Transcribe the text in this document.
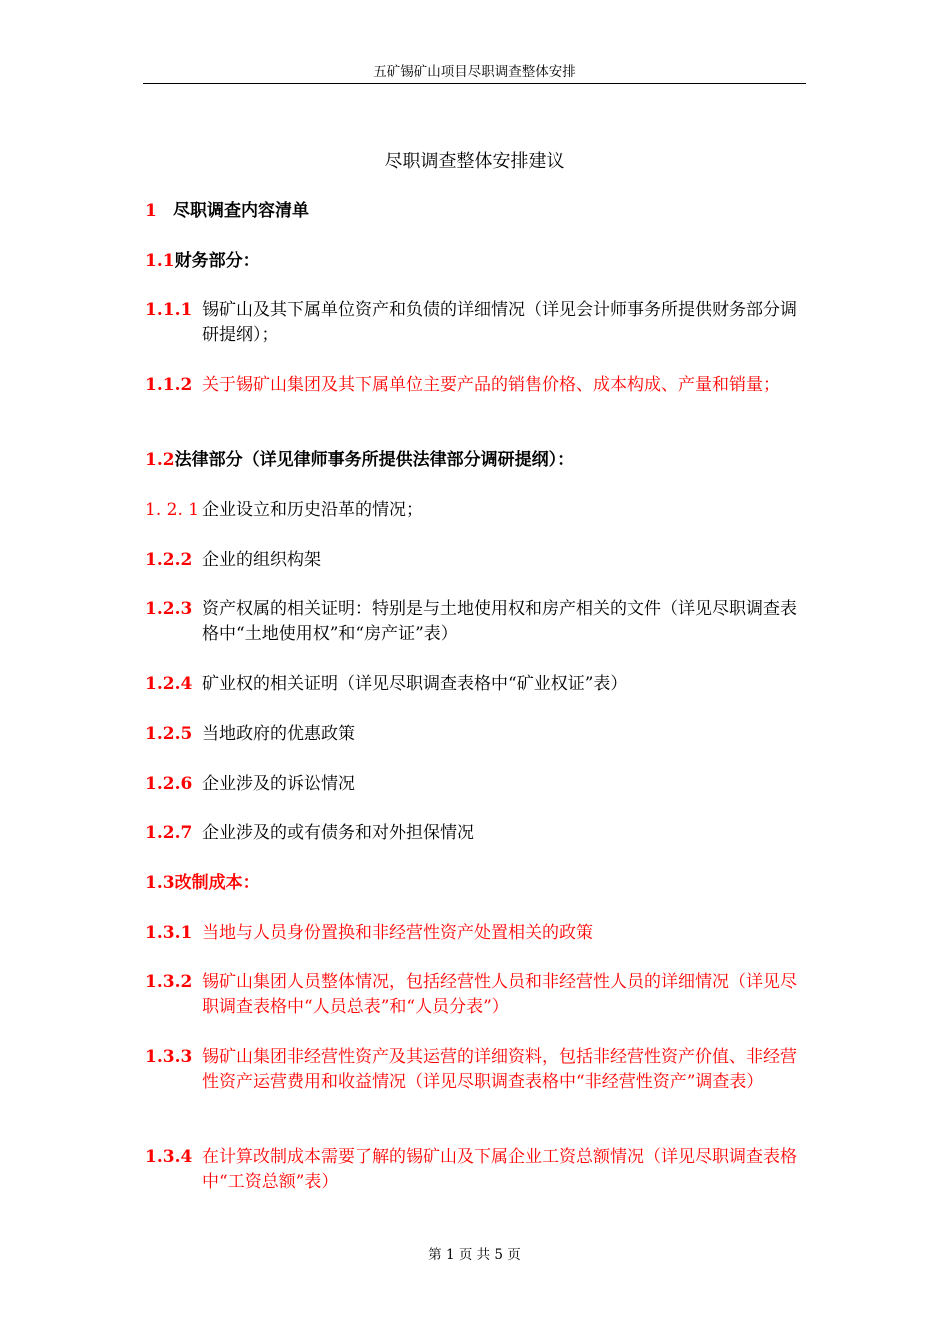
五矿锡矿山项目尽职调查整体安排
尽职调查整体安排建议
1 尽职调查内容清单
1.1财务部分：
1.1.1 锡矿山及其下属单位资产和负债的详细情况（详见会计师事务所提供财务部分调研提纲）；
1.1.2 关于锡矿山集团及其下属单位主要产品的销售价格、成本构成、产量和销量；
1.2法律部分（详见律师事务所提供法律部分调研提纲）：
1. 2. 1 企业设立和历史沿革的情况；
1.2.2 企业的组织构架
1.2.3 资产权属的相关证明：特别是与土地使用权和房产相关的文件（详见尽职调查表格中“土地使用权”和“房产证”表）
1.2.4 矿业权的相关证明（详见尽职调查表格中“矿业权证”表）
1.2.5 当地政府的优惠政策
1.2.6 企业涉及的诉讼情况
1.2.7 企业涉及的或有债务和对外担保情况
1.3改制成本：
1.3.1 当地与人员身份置换和非经营性资产处置相关的政策
1.3.2 锡矿山集团人员整体情况，包括经营性人员和非经营性人员的详细情况（详见尽职调查表格中“人员总表”和“人员分表”）
1.3.3 锡矿山集团非经营性资产及其运营的详细资料，包括非经营性资产价值、非经营性资产运营费用和收益情况（详见尽职调查表格中“非经营性资产”调查表）
1.3.4 在计算改制成本需要了解的锡矿山及下属企业工资总额情况（详见尽职调查表格中“工资总额”表）
第 1 页 共 5 页
